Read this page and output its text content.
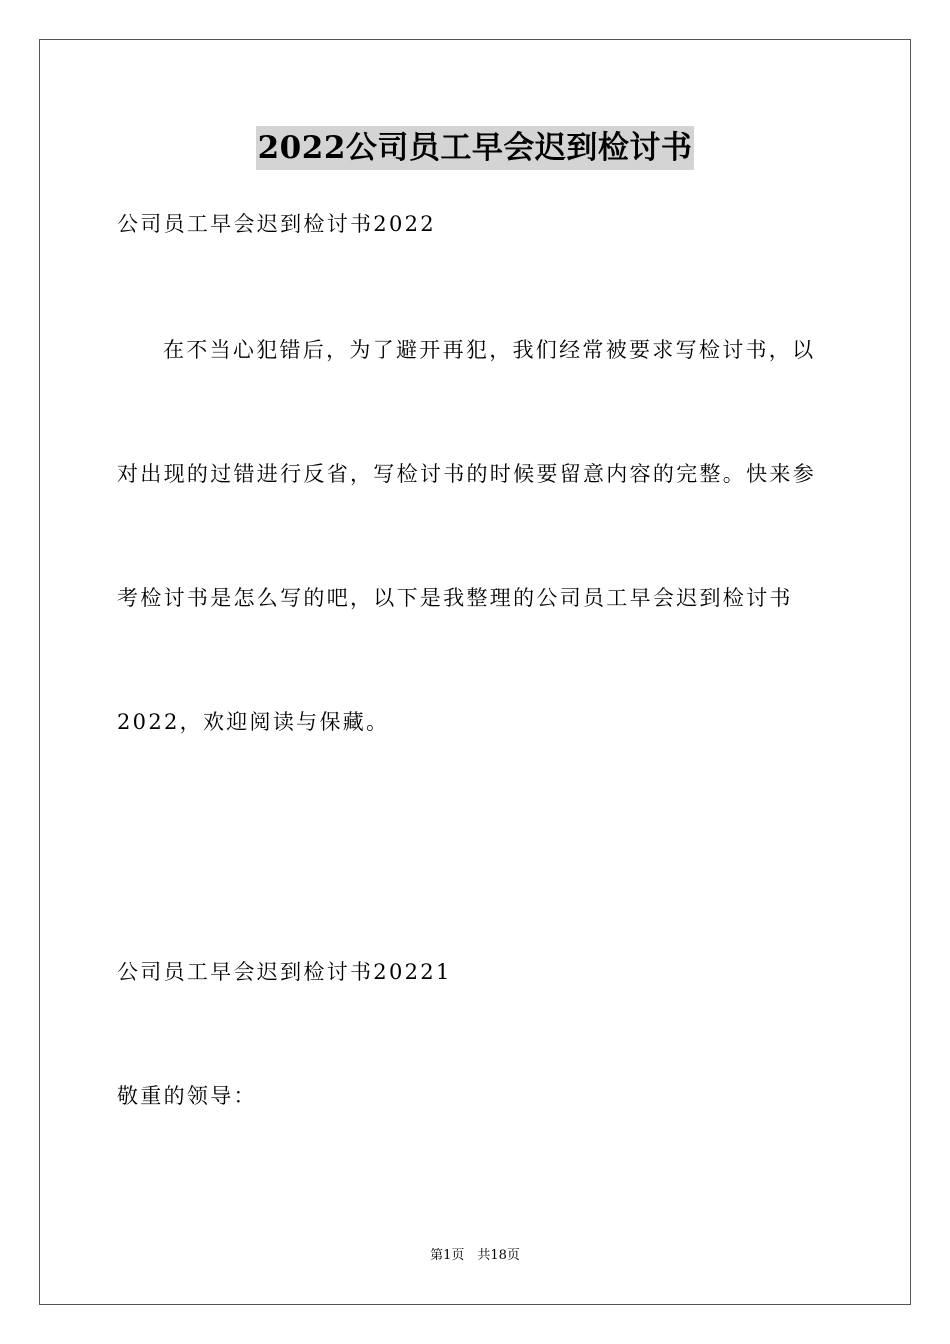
2022公司员工早会迟到检讨书
公司员工早会迟到检讨书2022
在不当心犯错后，为了避开再犯，我们经常被要求写检讨书，以
对出现的过错进行反省，写检讨书的时候要留意内容的完整。快来参
考检讨书是怎么写的吧，以下是我整理的公司员工早会迟到检讨书
2022，欢迎阅读与保藏。
公司员工早会迟到检讨书20221
敬重的领导：
第1页　共18页
